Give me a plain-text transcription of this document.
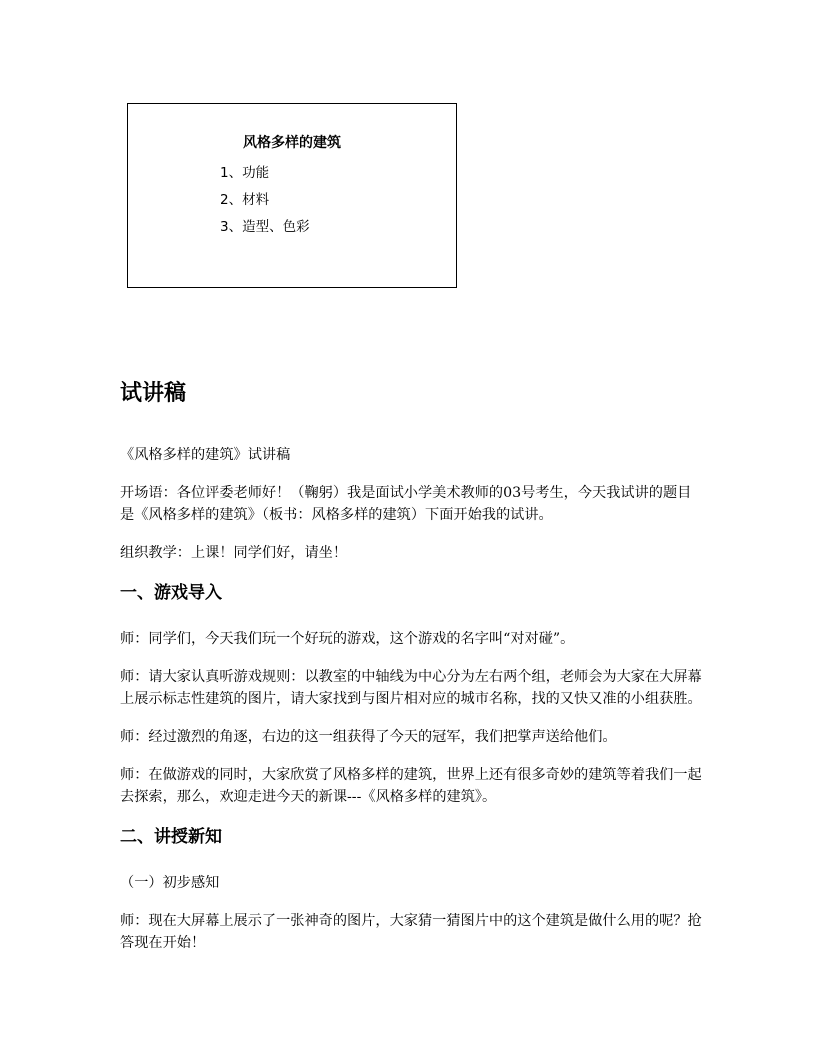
风格多样的建筑
1、功能
2、材料
3、造型、色彩
试讲稿

《风格多样的建筑》试讲稿

开场语：各位评委老师好！（鞠躬）我是面试小学美术教师的03号考生，今天我试讲的题目是《风格多样的建筑》（板书：风格多样的建筑）下面开始我的试讲。

组织教学：上课！同学们好，请坐！

一、游戏导入

师：同学们，今天我们玩一个好玩的游戏，这个游戏的名字叫“对对碰”。

师：请大家认真听游戏规则：以教室的中轴线为中心分为左右两个组，老师会为大家在大屏幕上展示标志性建筑的图片，请大家找到与图片相对应的城市名称，找的又快又准的小组获胜。

师：经过激烈的角逐，右边的这一组获得了今天的冠军，我们把掌声送给他们。

师：在做游戏的同时，大家欣赏了风格多样的建筑，世界上还有很多奇妙的建筑等着我们一起去探索，那么，欢迎走进今天的新课---《风格多样的建筑》。

二、讲授新知

（一）初步感知

师：现在大屏幕上展示了一张神奇的图片，大家猜一猜图片中的这个建筑是做什么用的呢？抢答现在开始！
